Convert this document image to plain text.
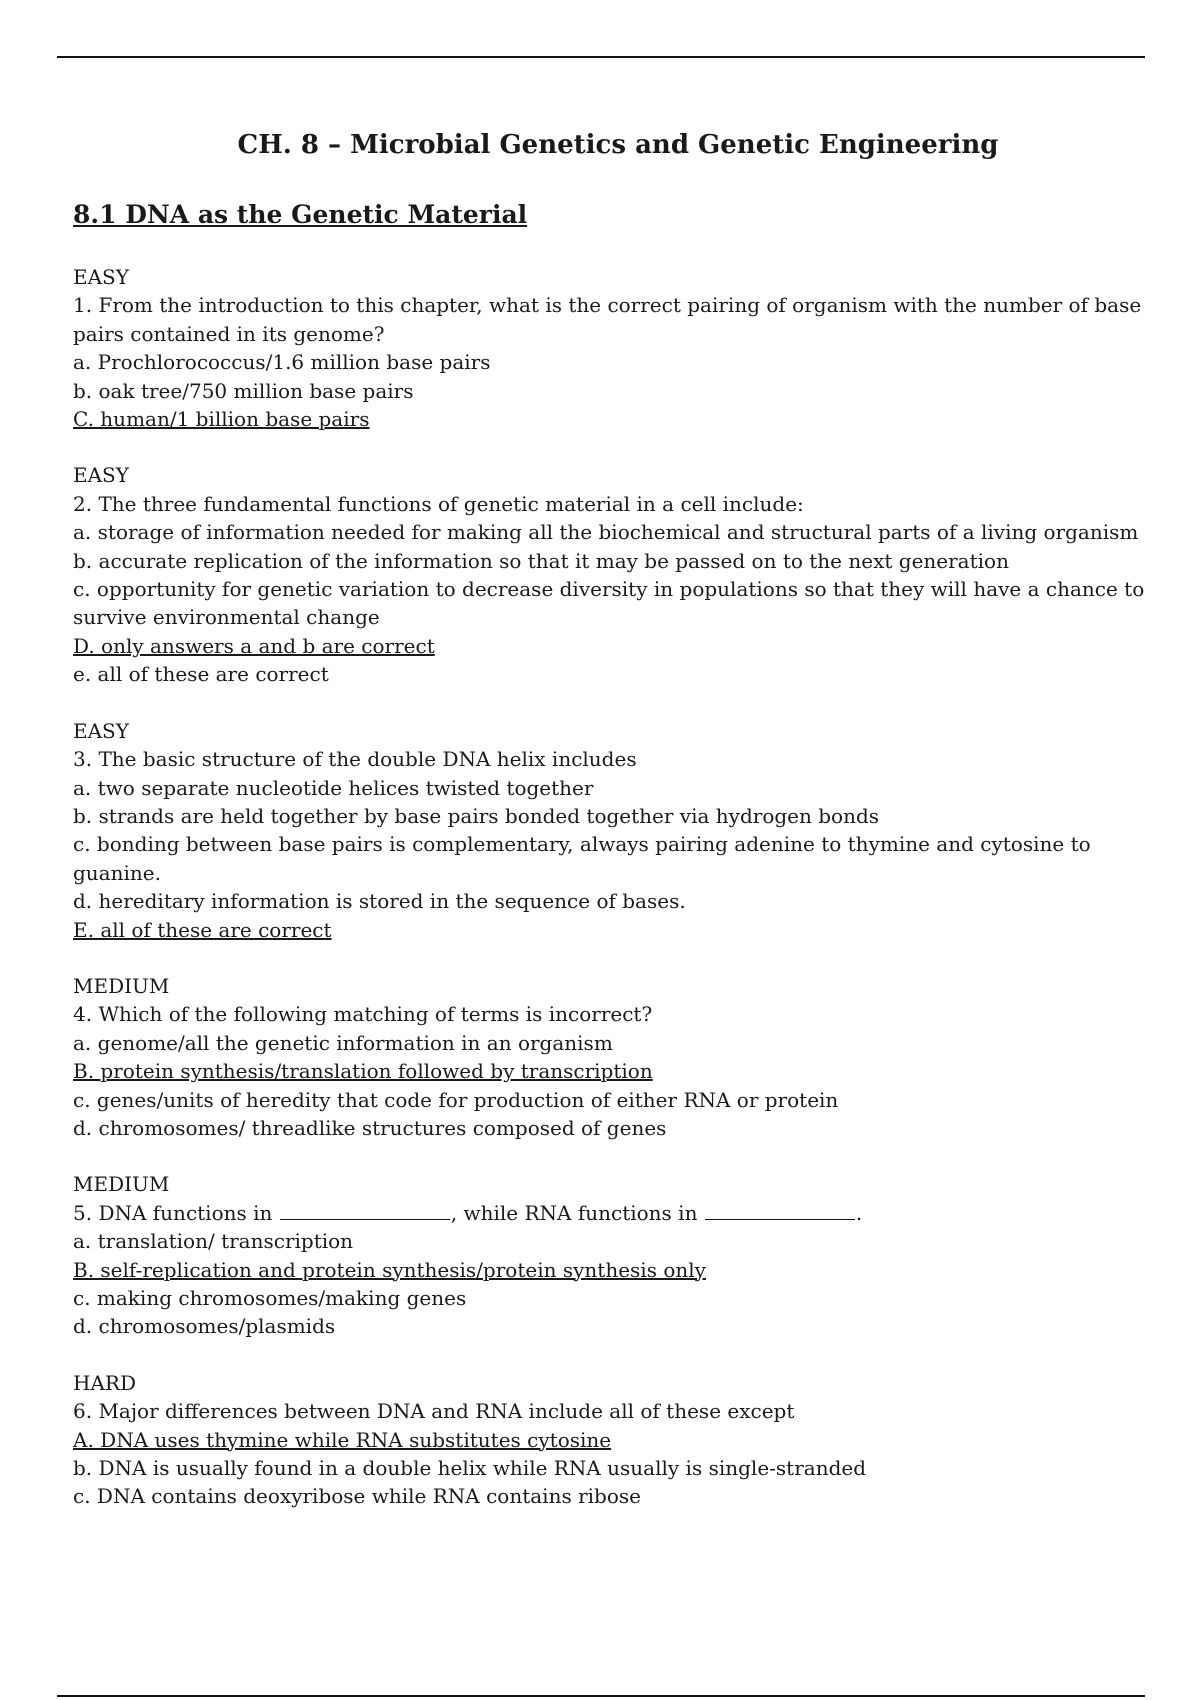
CH. 8 – Microbial Genetics and Genetic Engineering
8.1 DNA as the Genetic Material

EASY

1. From the introduction to this chapter, what is the correct pairing of organism with the number of base pairs contained in its genome?

a. Prochlorococcus/1.6 million base pairs

b. oak tree/750 million base pairs

C. human/1 billion base pairs

EASY

2. The three fundamental functions of genetic material in a cell include:

a. storage of information needed for making all the biochemical and structural parts of a living organism

b. accurate replication of the information so that it may be passed on to the next generation

c. opportunity for genetic variation to decrease diversity in populations so that they will have a chance to survive environmental change

D. only answers a and b are correct

e. all of these are correct

EASY

3. The basic structure of the double DNA helix includes

a. two separate nucleotide helices twisted together

b. strands are held together by base pairs bonded together via hydrogen bonds

c. bonding between base pairs is complementary, always pairing adenine to thymine and cytosine to guanine.

d. hereditary information is stored in the sequence of bases.

E. all of these are correct

MEDIUM

4. Which of the following matching of terms is incorrect?

a. genome/all the genetic information in an organism

B. protein synthesis/translation followed by transcription

c. genes/units of heredity that code for production of either RNA or protein

d. chromosomes/ threadlike structures composed of genes

MEDIUM

5. DNA functions in	, while RNA functions in	.

a. translation/ transcription

B. self-replication and protein synthesis/protein synthesis only

c. making chromosomes/making genes

d. chromosomes/plasmids

HARD

6. Major differences between DNA and RNA include all of these except

A. DNA uses thymine while RNA substitutes cytosine

b. DNA is usually found in a double helix while RNA usually is single-stranded

c. DNA contains deoxyribose while RNA contains ribose
